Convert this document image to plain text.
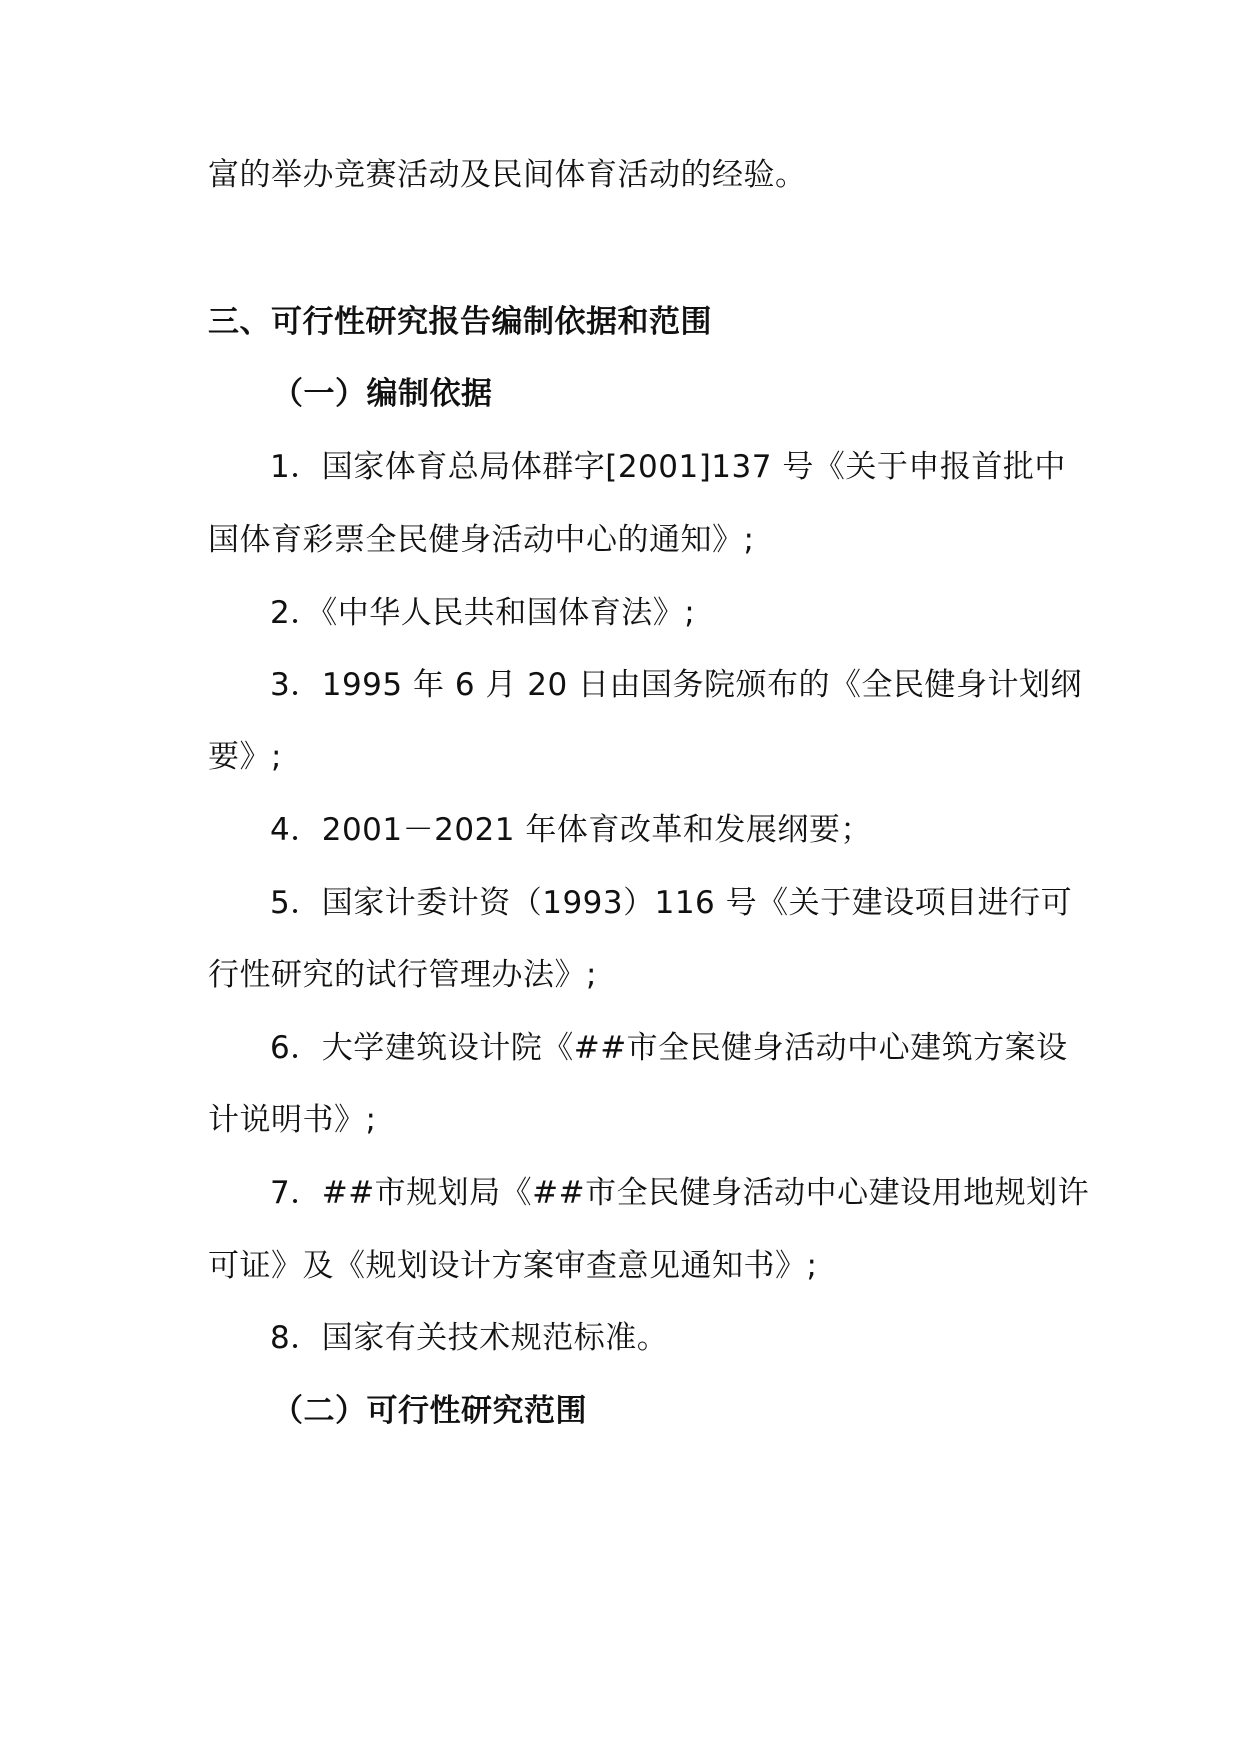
富的举办竞赛活动及民间体育活动的经验。
三、可行性研究报告编制依据和范围
（一）编制依据
1．国家体育总局体群字[2001]137 号《关于申报首批中
国体育彩票全民健身活动中心的通知》;
2．《中华人民共和国体育法》;
3．1995 年 6 月 20 日由国务院颁布的《全民健身计划纲
要》;
4．2001－2021 年体育改革和发展纲要；
5．国家计委计资（1993）116 号《关于建设项目进行可
行性研究的试行管理办法》;
6．大学建筑设计院《##市全民健身活动中心建筑方案设
计说明书》;
7．##市规划局《##市全民健身活动中心建设用地规划许
可证》及《规划设计方案审查意见通知书》;
8．国家有关技术规范标准。
（二）可行性研究范围
